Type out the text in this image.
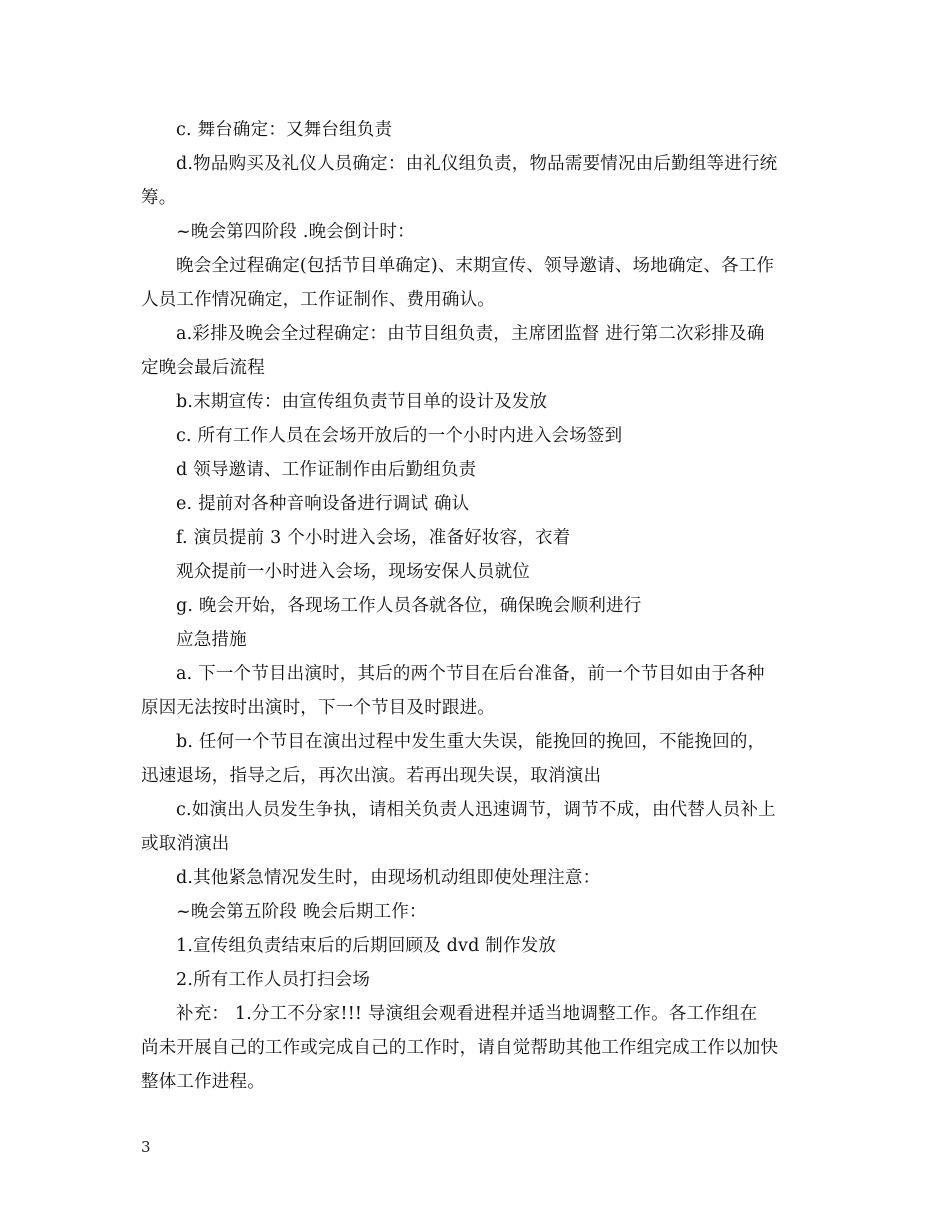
c. 舞台确定：又舞台组负责
d.物品购买及礼仪人员确定：由礼仪组负责，物品需要情况由后勤组等进行统
筹。
~晚会第四阶段 .晚会倒计时：
晚会全过程确定(包括节目单确定)、末期宣传、领导邀请、场地确定、各工作
人员工作情况确定，工作证制作、费用确认。
a.彩排及晚会全过程确定：由节目组负责，主席团监督 进行第二次彩排及确
定晚会最后流程
b.末期宣传：由宣传组负责节目单的设计及发放
c. 所有工作人员在会场开放后的一个小时内进入会场签到
d 领导邀请、工作证制作由后勤组负责
e. 提前对各种音响设备进行调试 确认
f. 演员提前 3 个小时进入会场，准备好妆容，衣着
观众提前一小时进入会场，现场安保人员就位
g. 晚会开始，各现场工作人员各就各位，确保晚会顺利进行
应急措施
a. 下一个节目出演时，其后的两个节目在后台准备，前一个节目如由于各种
原因无法按时出演时，下一个节目及时跟进。
b. 任何一个节目在演出过程中发生重大失误，能挽回的挽回，不能挽回的，
迅速退场，指导之后，再次出演。若再出现失误，取消演出
c.如演出人员发生争执，请相关负责人迅速调节，调节不成，由代替人员补上
或取消演出
d.其他紧急情况发生时，由现场机动组即使处理注意：
~晚会第五阶段 晚会后期工作：
1.宣传组负责结束后的后期回顾及 dvd 制作发放
2.所有工作人员打扫会场
补充： 1.分工不分家!!! 导演组会观看进程并适当地调整工作。各工作组在
尚未开展自己的工作或完成自己的工作时，请自觉帮助其他工作组完成工作以加快
整体工作进程。
3
